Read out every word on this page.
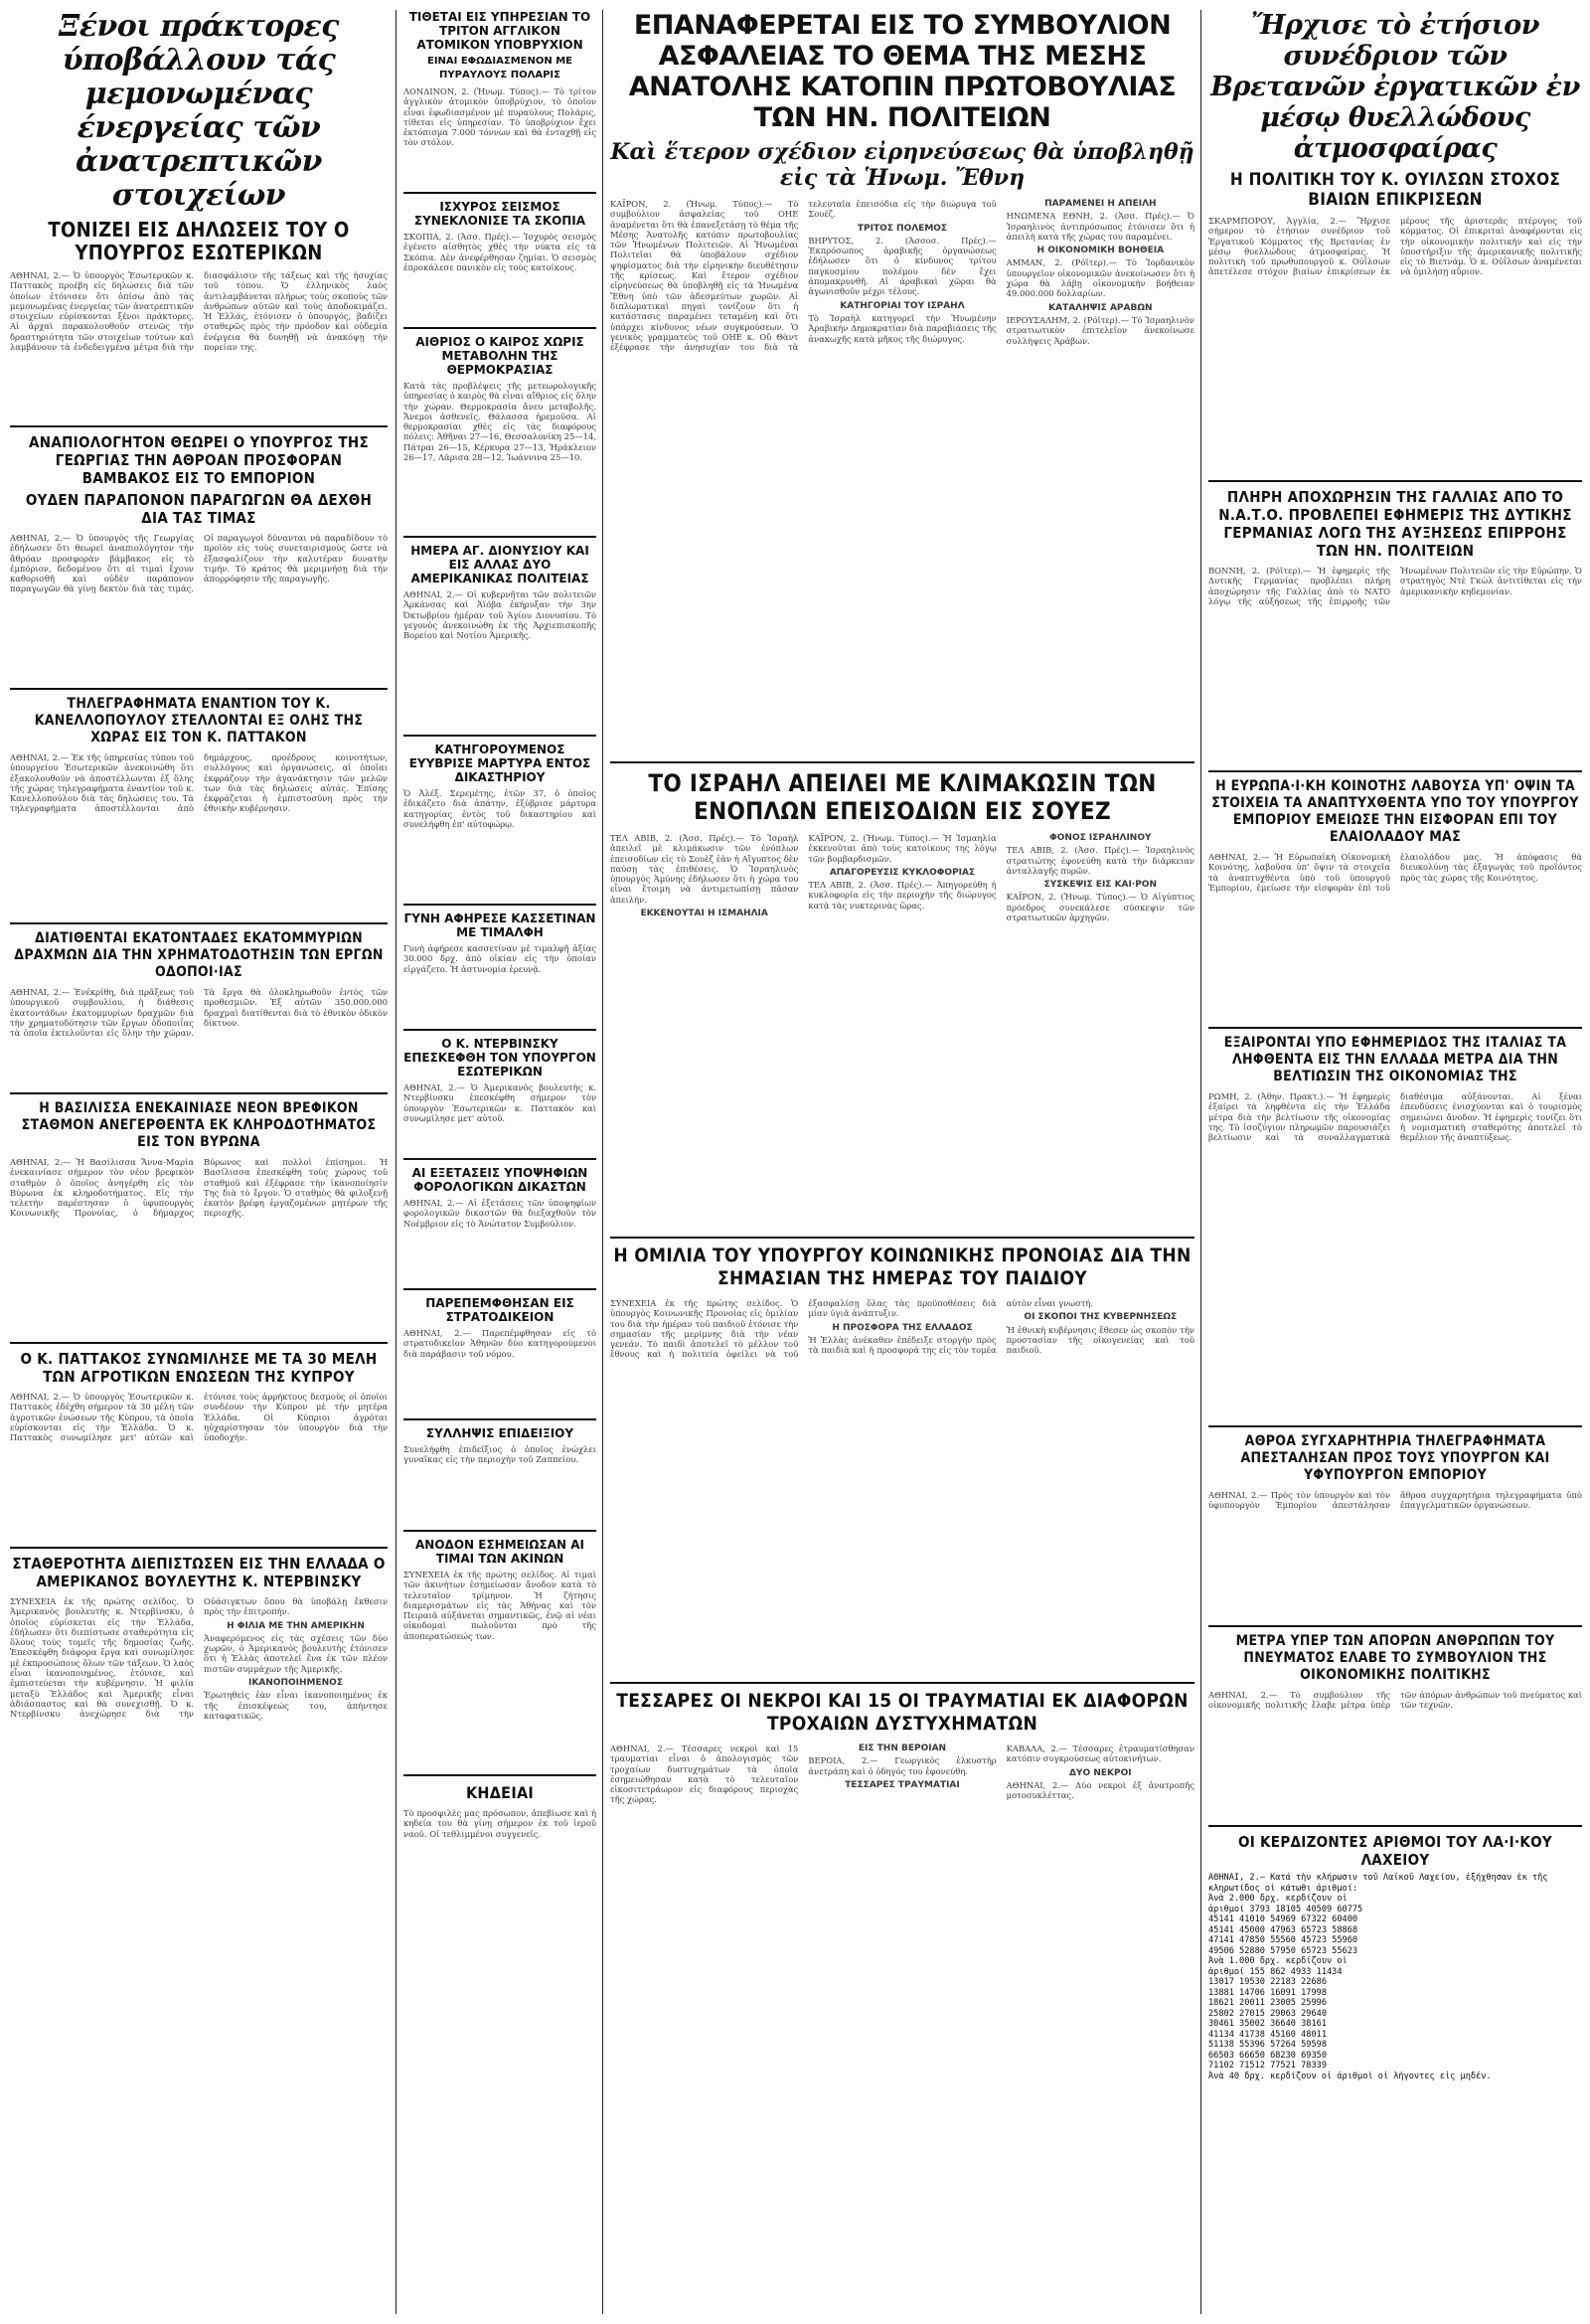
Ξένοι πράκτορες ύποβάλλουν τάς μεμονωμένας ένεργείας τῶν ἀνατρεπτικῶν στοιχείων
ΤΟΝΙΖΕΙ ΕΙΣ ΔΗΛΩΣΕΙΣ ΤΟΥ Ο ΥΠΟΥΡΓΟΣ ΕΣΩΤΕΡΙΚΩΝ
ΑΘΗΝΑΙ, 2.— Ὁ ὑπουργὸς Ἐσωτερικῶν κ. Παττακὸς προέβη εἰς δηλώσεις διὰ τῶν ὁποίων ἐτόνισεν ὅτι ὀπίσω ἀπὸ τὰς μεμονωμένας ἐνεργείας τῶν ἀνατρεπτικῶν στοιχείων εὑρίσκονται ξένοι πράκτορες. Αἱ ἀρχαὶ παρακολουθοῦν στενῶς τὴν δραστηριότητα τῶν στοιχείων τούτων καὶ λαμβάνουν τὰ ἐνδεδειγμένα μέτρα διὰ τὴν διασφάλισιν τῆς τάξεως καὶ τῆς ἡσυχίας τοῦ τόπου. Ὁ ἑλληνικὸς λαὸς ἀντιλαμβάνεται πλήρως τοὺς σκοποὺς τῶν ἀνθρώπων αὐτῶν καὶ τοὺς ἀποδοκιμάζει. Ἡ Ἑλλάς, ἐτόνισεν ὁ ὑπουργός, βαδίζει σταθερῶς πρὸς τὴν πρόοδον καὶ οὐδεμία ἐνέργεια θὰ δυνηθῇ νὰ ἀνακόψῃ τὴν πορείαν της.
ΑΝΑΠΙΟΛΟΓΗΤΟΝ ΘΕΩΡΕΙ Ο ΥΠΟΥΡΓΟΣ ΤΗΣ ΓΕΩΡΓΙΑΣ ΤΗΝ ΑΘΡΟΑΝ ΠΡΟΣΦΟΡΑΝ ΒΑΜΒΑΚΟΣ ΕΙΣ ΤΟ ΕΜΠΟΡΙΟΝ
ΟΥΔΕΝ ΠΑΡΑΠΟΝΟΝ ΠΑΡΑΓΩΓΩΝ ΘΑ ΔΕΧΘΗ ΔΙΑ ΤΑΣ ΤΙΜΑΣ
ΑΘΗΝΑΙ, 2.— Ὁ ὑπουργὸς τῆς Γεωργίας ἐδήλωσεν ὅτι θεωρεῖ ἀναπιολόγητον τὴν ἄθρόαν προσφορὰν βάμβακος εἰς τὸ ἐμπόριον, δεδομένου ὅτι αἱ τιμαὶ ἔχουν καθορισθῆ καὶ οὐδὲν παράπονον παραγωγῶν θὰ γίνῃ δεκτὸν διὰ τὰς τιμάς. Οἱ παραγωγοὶ δύνανται νὰ παραδίδουν τὸ προϊὸν εἰς τοὺς συνεταιρισμοὺς ὥστε νὰ ἐξασφαλίζουν τὴν καλυτέραν δυνατὴν τιμήν. Τὸ κράτος θὰ μεριμνήσῃ διὰ τὴν ἀπορρόφησιν τῆς παραγωγῆς.
ΤΗΛΕΓΡΑΦΗΜΑΤΑ ΕΝΑΝΤΙΟΝ ΤΟΥ Κ. ΚΑΝΕΛΛΟΠΟΥΛΟΥ ΣΤΕΛΛΟΝΤΑΙ ΕΞ ΟΛΗΣ ΤΗΣ ΧΩΡΑΣ ΕΙΣ ΤΟΝ Κ. ΠΑΤΤΑΚΟΝ
ΑΘΗΝΑΙ, 2.— Ἐκ τῆς ὑπηρεσίας τύπου τοῦ ὑπουργείου Ἐσωτερικῶν ἀνεκοινώθη ὅτι ἐξακολουθοῦν νὰ ἀποστέλλωνται ἐξ ὅλης τῆς χώρας τηλεγραφήματα ἐναντίον τοῦ κ. Κανελλοπούλου διὰ τὰς δηλώσεις του. Τὰ τηλεγραφήματα ἀποστέλλονται ἀπὸ δημάρχους, προέδρους κοινοτήτων, συλλόγους καὶ ὀργανώσεις, αἱ ὁποῖαι ἐκφράζουν τὴν ἀγανάκτησιν τῶν μελῶν των διὰ τὰς δηλώσεις αὐτάς. Ἐπίσης ἐκφράζεται ἡ ἐμπιστοσύνη πρὸς τὴν ἐθνικὴν κυβέρνησιν.
ΔΙΑΤΙΘΕΝΤΑΙ ΕΚΑΤΟΝΤΑΔΕΣ ΕΚΑΤΟΜΜΥΡΙΩΝ ΔΡΑΧΜΩΝ ΔΙΑ ΤΗΝ ΧΡΗΜΑΤΟΔΟΤΗΣΙΝ ΤΩΝ ΕΡΓΩΝ ΟΔΟΠΟΙ·ΙΑΣ
ΑΘΗΝΑΙ, 2.— Ἐνέκρίθη, διὰ πρᾶξεως τοῦ ὑπουργικοῦ συμβουλίου, ἡ διάθεσις ἐκατοντάδων ἑκατομμυρίων δραχμῶν διὰ τὴν χρηματοδότησιν τῶν ἔργων ὁδοποιΐας τὰ ὁποῖα ἐκτελοῦνται εἰς ὅλην τὴν χώραν. Τὰ ἔργα θὰ ὁλοκληρωθοῦν ἐντὸς τῶν προθεσμιῶν. Ἐξ αὐτῶν 350.000.000 δραχμαὶ διατίθενται διὰ τὸ ἐθνικὸν ὁδικὸν δίκτυον.
Η ΒΑΣΙΛΙΣΣΑ ΕΝΕΚΑΙΝΙΑΣΕ ΝΕΟΝ ΒΡΕΦΙΚΟΝ ΣΤΑΘΜΟΝ ΑΝΕΓΕΡΘΕΝΤΑ ΕΚ ΚΛΗΡΟΔΟΤΗΜΑΤΟΣ ΕΙΣ ΤΟΝ ΒΥΡΩΝΑ
ΑΘΗΝΑΙ, 2.— Ἡ Βασίλισσα Ἄννα-Μαρία ἐνεκαινίασε σήμερον τὸν νέον βρεφικὸν σταθμὸν ὁ ὁποῖος ἀνηγέρθη εἰς τὸν Βύρωνα ἐκ κληροδοτήματος. Εἰς τὴν τελετὴν παρέστησαν ὁ ὑφυπουργὸς Κοινωνικῆς Προνοίας, ὁ δήμαρχος Βύρωνος καὶ πολλοὶ ἐπίσημοι. Ἡ Βασίλισσα ἐπεσκέφθη τοὺς χώρους τοῦ σταθμοῦ καὶ ἐξέφρασε τὴν ἱκανοποίησίν Της διὰ τὸ ἔργον. Ὁ σταθμὸς θὰ φιλοξενῇ ἑκατὸν βρέφη ἐργαζομένων μητέρων τῆς περιοχῆς.
Ο Κ. ΠΑΤΤΑΚΟΣ ΣΥΝΩΜΙΛΗΣΕ ΜΕ ΤΑ 30 ΜΕΛΗ ΤΩΝ ΑΓΡΟΤΙΚΩΝ ΕΝΩΣΕΩΝ ΤΗΣ ΚΥΠΡΟΥ
ΑΘΗΝΑΙ, 2.— Ὁ ὑπουργὸς Ἐσωτερικῶν κ. Παττακὸς ἐδέχθη σήμερον τὰ 30 μέλη τῶν ἀγροτικῶν ἑνώσεων τῆς Κύπρου, τὰ ὁποῖα εὑρίσκονται εἰς τὴν Ἑλλάδα. Ὁ κ. Παττακὸς συνωμίλησε μετ' αὐτῶν καὶ ἐτόνισε τοὺς ἀρρήκτους δεσμοὺς οἱ ὁποῖοι συνδέουν τὴν Κύπρον μὲ τὴν μητέρα Ἑλλάδα. Οἱ Κύπριοι ἀγρόται ηὐχαρίστησαν τὸν ὑπουργὸν διὰ τὴν ὑποδοχήν.
ΣΤΑΘΕΡΟΤΗΤΑ ΔΙΕΠΙΣΤΩΣΕΝ ΕΙΣ ΤΗΝ ΕΛΛΑΔΑ Ο ΑΜΕΡΙΚΑΝΟΣ ΒΟΥΛΕΥΤΗΣ Κ. ΝΤΕΡΒΙΝΣΚΥ
ΣΥΝΕΧΕΙΑ ἐκ τῆς πρώτης σελίδος. Ὁ Ἀμερικανὸς βουλευτὴς κ. Ντερβίνσκυ, ὁ ὁποῖος εὑρίσκεται εἰς τὴν Ἑλλάδα, ἐδήλωσεν ὅτι διεπίστωσε σταθερότητα εἰς ὅλους τοὺς τομεῖς τῆς δημοσίας ζωῆς. Ἐπεσκέφθη διάφορα ἔργα καὶ συνωμίλησε μὲ ἐκπροσώπους ὅλων τῶν τάξεων. Ὁ λαὸς εἶναι ἱκανοποιημένος, ἐτόνισε, καὶ ἐμπιστεύεται τὴν κυβέρνησιν. Ἡ φιλία μεταξὺ Ἑλλάδος καὶ Ἀμερικῆς εἶναι ἀδιάσπαστος καὶ θὰ συνεχισθῇ. Ὁ κ. Ντερβίνσκυ ἀνεχώρησε διὰ τὴν Οὐάσιγκτων ὅπου θὰ ὑποβάλῃ ἔκθεσιν πρὸς τὴν ἐπιτροπήν.
Η ΦΙΛΙΑ ΜΕ ΤΗΝ ΑΜΕΡΙΚΗΝ
Ἀναφερόμενος εἰς τὰς σχέσεις τῶν δύο χωρῶν, ὁ Ἀμερικανὸς βουλευτὴς ἐτόνισεν ὅτι ἡ Ἑλλὰς ἀποτελεῖ ἕνα ἐκ τῶν πλέον πιστῶν συμμάχων τῆς Ἀμερικῆς.
ΙΚΑΝΟΠΟΙΗΜΕΝΟΣ
Ἐρωτηθεὶς ἐὰν εἶναι ἱκανοποιημένος ἐκ τῆς ἐπισκέψεώς του, ἀπήντησε καταφατικῶς.
ΤΙΘΕΤΑΙ ΕΙΣ ΥΠΗΡΕΣΙΑΝ ΤΟ ΤΡΙΤΟΝ ΑΓΓΛΙΚΟΝ ΑΤΟΜΙΚΟΝ ΥΠΟΒΡΥΧΙΟΝ
ΕΙΝΑΙ ΕΦΩΔΙΑΣΜΕΝΟΝ ΜΕ ΠΥΡΑΥΛΟΥΣ ΠΟΛΑΡΙΣ
ΛΟΝΔΙΝΟΝ, 2. (Ἠνωμ. Τύπος).— Τὸ τρίτον ἀγγλικὸν ἀτομικὸν ὑποβρύχιον, τὸ ὁποῖον εἶναι ἐφωδιασμένον μὲ πυραύλους Πολάρις, τίθεται εἰς ὑπηρεσίαν. Τὸ ὑποβρύχιον ἔχει ἐκτόπισμα 7.000 τόννων καὶ θὰ ἐνταχθῇ εἰς τὸν στόλον.
ΙΣΧΥΡΟΣ ΣΕΙΣΜΟΣ ΣΥΝΕΚΛΟΝΙΣΕ ΤΑ ΣΚΟΠΙΑ
ΣΚΟΠΙΑ, 2. (Ἀσσ. Πρές).— Ἰσχυρὸς σεισμὸς ἐγένετο αἰσθητὸς χθὲς τὴν νύκτα εἰς τὰ Σκόπια. Δὲν ἀνεφέρθησαν ζημίαι. Ὁ σεισμὸς ἐπροκάλεσε πανικὸν εἰς τοὺς κατοίκους.
ΑΙΘΡΙΟΣ Ο ΚΑΙΡΟΣ ΧΩΡΙΣ ΜΕΤΑΒΟΛΗΝ ΤΗΣ ΘΕΡΜΟΚΡΑΣΙΑΣ
Κατὰ τὰς προβλέψεις τῆς μετεωρολογικῆς ὑπηρεσίας ὁ καιρὸς θὰ εἶναι αἴθριος εἰς ὅλην τὴν χώραν. Θερμοκρασία ἄνευ μεταβολῆς. Ἄνεμοι ἀσθενεῖς. Θάλασσα ἠρεμοῦσα. Αἱ θερμοκρασίαι χθὲς εἰς τὰς διαφόρους πόλεις: Ἀθῆναι 27—16, Θεσσαλονίκη 25—14, Πάτραι 26—15, Κέρκυρα 27—13, Ἡράκλειον 26—17, Λάρισα 28—12, Ἰωάννινα 25—10.
ΗΜΕΡΑ ΑΓ. ΔΙΟΝΥΣΙΟΥ ΚΑΙ ΕΙΣ ΑΛΛΑΣ ΔΥΟ ΑΜΕΡΙΚΑΝΙΚΑΣ ΠΟΛΙΤΕΙΑΣ
ΑΘΗΝΑΙ, 2.— Οἱ κυβερνῆται τῶν πολιτειῶν Ἀρκάνσας καὶ Ἀϊόβα ἐκήρυξαν τὴν 3ην Ὀκτωβρίου ἡμέραν τοῦ Ἁγίου Διονυσίου. Τὸ γεγονὸς ἀνεκοινώθη ἐκ τῆς Ἀρχιεπισκοπῆς Βορείου καὶ Νοτίου Ἀμερικῆς.
ΚΑΤΗΓΟΡΟΥΜΕΝΟΣ ΕΥΥΒΡΙΣΕ ΜΑΡΤΥΡΑ ΕΝΤΟΣ ΔΙΚΑΣΤΗΡΙΟΥ
Ὁ Ἀλέξ. Σερεμέτης, ἐτῶν 37, ὁ ὁποῖος ἐδικάζετο διὰ ἀπάτην, ἐξύβρισε μάρτυρα κατηγορίας ἐντὸς τοῦ δικαστηρίου καὶ συνελήφθη ἐπ' αὐτοφώρῳ.
ΓΥΝΗ ΑΦΗΡΕΣΕ ΚΑΣΣΕΤΙΝΑΝ ΜΕ ΤΙΜΑΛΦΗ
Γυνὴ ἀφήρεσε κασσετίναν μὲ τιμαλφῆ ἀξίας 30.000 δρχ. ἀπὸ οἰκίαν εἰς τὴν ὁποίαν εἰργάζετο. Ἡ ἀστυνομία ἐρευνᾷ.
Ο Κ. ΝΤΕΡΒΙΝΣΚΥ ΕΠΕΣΚΕΦΘΗ ΤΟΝ ΥΠΟΥΡΓΟΝ ΕΣΩΤΕΡΙΚΩΝ
ΑΘΗΝΑΙ, 2.— Ὁ Ἀμερικανὸς βουλευτὴς κ. Ντερβίνσκυ ἐπεσκέφθη σήμερον τὸν ὑπουργὸν Ἐσωτερικῶν κ. Παττακὸν καὶ συνωμίλησε μετ' αὐτοῦ.
ΑΙ ΕΞΕΤΑΣΕΙΣ ΥΠΟΨΗΦΙΩΝ ΦΟΡΟΛΟΓΙΚΩΝ ΔΙΚΑΣΤΩΝ
ΑΘΗΝΑΙ, 2.— Αἱ ἐξετάσεις τῶν ὑποψηφίων φορολογικῶν δικαστῶν θὰ διεξαχθοῦν τὸν Νοέμβριον εἰς τὸ Ἀνώτατον Συμβούλιον.
ΠΑΡΕΠΕΜΦΘΗΣΑΝ ΕΙΣ ΣΤΡΑΤΟΔΙΚΕΙΟΝ
ΑΘΗΝΑΙ, 2.— Παρεπέμφθησαν εἰς τὸ στρατοδικεῖον Ἀθηνῶν δύο κατηγορούμενοι διὰ παράβασιν τοῦ νόμου.
ΣΥΛΛΗΨΙΣ ΕΠΙΔΕΙΞΙΟΥ
Συνελήφθη ἐπιδεῖξιος ὁ ὁποῖος ἐνώχλει γυναῖκας εἰς τὴν περιοχὴν τοῦ Ζαππείου.
ΑΝΟΔΟΝ ΕΣΗΜΕΙΩΣΑΝ ΑΙ ΤΙΜΑΙ ΤΩΝ ΑΚΙΝΩΝ
ΣΥΝΕΧΕΙΑ ἐκ τῆς πρώτης σελίδος. Αἱ τιμαὶ τῶν ἀκινήτων ἐσημείωσαν ἄνοδον κατὰ τὸ τελευταῖον τρίμηνον. Ἡ ζήτησις διαμερισμάτων εἰς τὰς Ἀθήνας καὶ τὸν Πειραιᾶ αὐξάνεται σημαντικῶς, ἐνῷ αἱ νέαι οἰκοδομαὶ πωλοῦνται πρὸ τῆς ἀποπερατώσεώς των.
ΚΗΔΕΙΑΙ
Τὸ προσφιλὲς μας πρόσωπον, ἀπεβίωσε καὶ ἡ κηδεία του θὰ γίνῃ σήμερον ἐκ τοῦ ἱεροῦ ναοῦ. Οἱ τεθλιμμένοι συγγενεῖς.
ΕΠΑΝΑΦΕΡΕΤΑΙ ΕΙΣ ΤΟ ΣΥΜΒΟΥΛΙΟΝ ΑΣΦΑΛΕΙΑΣ ΤΟ ΘΕΜΑ ΤΗΣ ΜΕΣΗΣ ΑΝΑΤΟΛΗΣ ΚΑΤΟΠΙΝ ΠΡΩΤΟΒΟΥΛΙΑΣ ΤΩΝ ΗΝ. ΠΟΛΙΤΕΙΩΝ
Καὶ ἕτερον σχέδιον εἰρηνεύσεως θὰ ὑποβληθῇ εἰς τὰ Ἡνωμ. Ἔθνη
ΚΑΪΡΟΝ, 2. (Ἠνωμ. Τύπος).— Τὸ συμβούλιον ἀσφαλείας τοῦ ΟΗΕ ἀναμένεται ὅτι θὰ ἐπανεξετάσῃ τὸ θέμα τῆς Μέσης Ἀνατολῆς κατόπιν πρωτοβουλίας τῶν Ἡνωμένων Πολιτειῶν. Αἱ Ἡνωμέναι Πολιτεῖαι θὰ ὑποβάλουν σχέδιον ψηφίσματος διὰ τὴν εἰρηνικὴν διευθέτησιν τῆς κρίσεως. Καὶ ἕτερον σχέδιον εἰρηνεύσεως θὰ ὑποβληθῇ εἰς τὰ Ἡνωμένα Ἔθνη ὑπὸ τῶν ἀδεσμεύτων χωρῶν. Αἱ διπλωματικαὶ πηγαὶ τονίζουν ὅτι ἡ κατάστασις παραμένει τεταμένη καὶ ὅτι ὑπάρχει κίνδυνος νέων συγκρούσεων. Ὁ γενικὸς γραμματεὺς τοῦ ΟΗΕ κ. Οὔ Θὰντ ἐξέφρασε τὴν ἀνησυχίαν του διὰ τὰ τελευταῖα ἐπεισόδια εἰς τὴν διώρυγα τοῦ Σουέζ.
ΤΡΙΤΟΣ ΠΟΛΕΜΟΣ
ΒΗΡΥΤΟΣ, 2. (Ἀσσοσ. Πρές).— Ἐκπρόσωπος ἀραβικῆς ὀργανώσεως ἐδήλωσεν ὅτι ὁ κίνδυνος τρίτου παγκοσμίου πολέμου δὲν ἔχει ἀπομακρυνθῆ. Αἱ ἀραβικαὶ χῶραι θὰ ἀγωνισθοῦν μέχρι τέλους.
ΚΑΤΗΓΟΡΙΑΙ ΤΟΥ ΙΣΡΑΗΛ
Τὸ Ἰσραὴλ κατηγορεῖ τὴν Ἡνωμένην Ἀραβικὴν Δημοκρατίαν διὰ παραβιάσεις τῆς ἀνακωχῆς κατὰ μῆκος τῆς διώρυγος.
ΠΑΡΑΜΕΝΕΙ Η ΑΠΕΙΛΗ
ΗΝΩΜΕΝΑ ΕΘΝΗ, 2. (Ἀσσ. Πρές).— Ὁ Ἰσραηλινὸς ἀντιπρόσωπος ἐτόνισεν ὅτι ἡ ἀπειλὴ κατὰ τῆς χώρας του παραμένει.
Η ΟΙΚΟΝΟΜΙΚΗ ΒΟΗΘΕΙΑ
ΑΜΜΑΝ, 2. (Ρόϊτερ).— Τὸ Ἰορδανικὸν ὑπουργεῖον οἰκονομικῶν ἀνεκοίνωσεν ὅτι ἡ χώρα θὰ λάβῃ οἰκονομικὴν βοήθειαν 49.000.000 δολλαρίων.
ΚΑΤΑΛΗΨΙΣ ΑΡΑΒΩΝ
ΙΕΡΟΥΣΑΛΗΜ, 2. (Ρόϊτερ).— Τὸ Ἰσραηλινὸν στρατιωτικὸν ἐπιτελεῖον ἀνεκοίνωσε συλλήψεις Ἀράβων.
ΤΟ ΙΣΡΑΗΛ ΑΠΕΙΛΕΙ ΜΕ ΚΛΙΜΑΚΩΣΙΝ ΤΩΝ ΕΝΟΠΛΩΝ ΕΠΕΙΣΟΔΙΩΝ ΕΙΣ ΣΟΥΕΖ
ΤΕΛ ΑΒΙΒ, 2. (Ἀσσ. Πρές).— Τὸ Ἰσραὴλ ἀπειλεῖ μὲ κλιμάκωσιν τῶν ἐνόπλων ἐπεισοδίων εἰς τὸ Σουὲζ ἐὰν ἡ Αἴγυπτος δὲν παύσῃ τὰς ἐπιθέσεις. Ὁ Ἰσραηλινὸς ὑπουργὸς Ἀμύνης ἐδήλωσεν ὅτι ἡ χώρα του εἶναι ἕτοιμη νὰ ἀντιμετωπίσῃ πᾶσαν ἀπειλήν.
ΕΚΚΕΝΟΥΤΑΙ Η ΙΣΜΑΗΛΙΑ
ΚΑΪΡΟΝ, 2. (Ἠνωμ. Τύπος).— Ἡ Ἰσμαηλία ἐκκενοῦται ἀπὸ τοὺς κατοίκους της λόγῳ τῶν βομβαρδισμῶν.
ΑΠΑΓΟΡΕΥΣΙΣ ΚΥΚΛΟΦΟΡΙΑΣ
ΤΕΛ ΑΒΙΒ, 2. (Ἀσσ. Πρές).— Ἀπηγορεύθη ἡ κυκλοφορία εἰς τὴν περιοχὴν τῆς διώρυγος κατὰ τὰς νυκτερινὰς ὥρας.
ΦΟΝΟΣ ΙΣΡΑΗΛΙΝΟΥ
ΤΕΛ ΑΒΙΒ, 2. (Ἀσσ. Πρές).— Ἰσραηλινὸς στρατιώτης ἐφονεύθη κατὰ τὴν διάρκειαν ἀνταλλαγῆς πυρῶν.
ΣΥΣΚΕΨΙΣ ΕΙΣ ΚΑΙ·ΡΟΝ
ΚΑΪΡΟΝ, 2. (Ἠνωμ. Τύπος).— Ὁ Αἰγύπτιος πρόεδρος συνεκάλεσε σύσκεψιν τῶν στρατιωτικῶν ἀρχηγῶν.
Η ΟΜΙΛΙΑ ΤΟΥ ΥΠΟΥΡΓΟΥ ΚΟΙΝΩΝΙΚΗΣ ΠΡΟΝΟΙΑΣ ΔΙΑ ΤΗΝ ΣΗΜΑΣΙΑΝ ΤΗΣ ΗΜΕΡΑΣ ΤΟΥ ΠΑΙΔΙΟΥ
ΣΥΝΕΧΕΙΑ ἐκ τῆς πρώτης σελίδος. Ὁ ὑπουργὸς Κοινωνικῆς Προνοίας εἰς ὁμιλίαν του διὰ τὴν ἡμέραν τοῦ παιδιοῦ ἐτόνισε τὴν σημασίαν τῆς μερίμνης διὰ τὴν νέαν γενεάν. Τὸ παιδὶ ἀποτελεῖ τὸ μέλλον τοῦ ἔθνους καὶ ἡ πολιτεία ὀφείλει νὰ τοῦ ἐξασφαλίσῃ ὅλας τὰς προϋποθέσεις διὰ μίαν ὑγιᾶ ἀνάπτυξιν.
Η ΠΡΟΣΦΟΡΑ ΤΗΣ ΕΛΛΑΔΟΣ
Ἡ Ἑλλὰς ἀνέκαθεν ἐπέδειξε στοργὴν πρὸς τὰ παιδιὰ καὶ ἡ προσφορά της εἰς τὸν τομέα αὐτὸν εἶναι γνωστή.
ΟΙ ΣΚΟΠΟΙ ΤΗΣ ΚΥΒΕΡΝΗΣΕΩΣ
Ἡ ἐθνικὴ κυβέρνησις ἔθεσεν ὡς σκοπὸν τὴν προστασίαν τῆς οἰκογενείας καὶ τοῦ παιδιοῦ.
ΤΕΣΣΑΡΕΣ ΟΙ ΝΕΚΡΟΙ ΚΑΙ 15 ΟΙ ΤΡΑΥΜΑΤΙΑΙ ΕΚ ΔΙΑΦΟΡΩΝ ΤΡΟΧΑΙΩΝ ΔΥΣΤΥΧΗΜΑΤΩΝ
ΑΘΗΝΑΙ, 2.— Τέσσαρες νεκροὶ καὶ 15 τραυματίαι εἶναι ὁ ἀπολογισμὸς τῶν τροχαίων δυστυχημάτων τὰ ὁποῖα ἐσημειώθησαν κατὰ τὸ τελευταῖον εἰκοσιτετράωρον εἰς διαφόρους περιοχὰς τῆς χώρας.
ΕΙΣ ΤΗΝ ΒΕΡΟΙΑΝ
ΒΕΡΟΙΑ, 2.— Γεωργικὸς ἐλκυστὴρ ἀνετράπη καὶ ὁ ὁδηγός του ἐφονεύθη.
ΤΕΣΣΑΡΕΣ ΤΡΑΥΜΑΤΙΑΙ
ΚΑΒΑΛΑ, 2.— Τέσσαρες ἐτραυματίσθησαν κατόπιν συγκρούσεως αὐτοκινήτων.
ΔΥΟ ΝΕΚΡΟΙ
ΑΘΗΝΑΙ, 2.— Δύο νεκροὶ ἐξ ἀνατροπῆς μοτοσυκλέττας.
Ἤρχισε τὸ ἐτήσιον συνέδριον τῶν Βρετανῶν ἐργατικῶν ἐν μέσῳ θυελλώδους ἀτμοσφαίρας
Η ΠΟΛΙΤΙΚΗ ΤΟΥ Κ. ΟΥΙΛΣΩΝ ΣΤΟΧΟΣ ΒΙΑΙΩΝ ΕΠΙΚΡΙΣΕΩΝ
ΣΚΑΡΜΠΟΡΟΥ, Ἀγγλία, 2.— Ἤρχισε σήμερον τὸ ἐτήσιον συνέδριον τοῦ Ἐργατικοῦ Κόμματος τῆς Βρετανίας ἐν μέσῳ θυελλώδους ἀτμοσφαίρας. Ἡ πολιτικὴ τοῦ πρωθυπουργοῦ κ. Οὐΐλσων ἀπετέλεσε στόχον βιαίων ἐπικρίσεων ἐκ μέρους τῆς ἀριστερᾶς πτέρυγος τοῦ κόμματος. Οἱ ἐπικριταὶ ἀναφέρονται εἰς τὴν οἰκονομικὴν πολιτικὴν καὶ εἰς τὴν ὑποστήριξιν τῆς ἀμερικανικῆς πολιτικῆς εἰς τὸ Βιετνάμ. Ὁ κ. Οὐΐλσων ἀναμένεται νὰ ὁμιλήσῃ αὔριον.
ΠΛΗΡΗ ΑΠΟΧΩΡΗΣΙΝ ΤΗΣ ΓΑΛΛΙΑΣ ΑΠΟ ΤΟ Ν.Α.Τ.Ο. ΠΡΟΒΛΕΠΕΙ ΕΦΗΜΕΡΙΣ ΤΗΣ ΔΥΤΙΚΗΣ ΓΕΡΜΑΝΙΑΣ ΛΟΓΩ ΤΗΣ ΑΥΞΗΣΕΩΣ ΕΠΙΡΡΟΗΣ ΤΩΝ ΗΝ. ΠΟΛΙΤΕΙΩΝ
ΒΟΝΝΗ, 2. (Ρόϊτερ).— Ἡ ἐφημερὶς τῆς Δυτικῆς Γερμανίας προβλέπει πλήρη ἀποχώρησιν τῆς Γαλλίας ἀπὸ τὸ ΝΑΤΟ λόγῳ τῆς αὐξήσεως τῆς ἐπιρροῆς τῶν Ἡνωμένων Πολιτειῶν εἰς τὴν Εὐρώπην. Ὁ στρατηγὸς Ντὲ Γκὼλ ἀντιτίθεται εἰς τὴν ἀμερικανικὴν κηδεμονίαν.
Η ΕΥΡΩΠΑ·Ι·ΚΗ ΚΟΙΝΟΤΗΣ ΛΑΒΟΥΣΑ ΥΠ' ΟΨΙΝ ΤΑ ΣΤΟΙΧΕΙΑ ΤΑ ΑΝΑΠΤΥΧΘΕΝΤΑ ΥΠΟ ΤΟΥ ΥΠΟΥΡΓΟΥ ΕΜΠΟΡΙΟΥ ΕΜΕΙΩΣΕ ΤΗΝ ΕΙΣΦΟΡΑΝ ΕΠΙ ΤΟΥ ΕΛΑΙΟΛΑΔΟΥ ΜΑΣ
ΑΘΗΝΑΙ, 2.— Ἡ Εὐρωπαϊκὴ Οἰκονομικὴ Κοινότης, λαβοῦσα ὑπ' ὄψιν τὰ στοιχεῖα τὰ ἀναπτυχθέντα ὑπὸ τοῦ ὑπουργοῦ Ἐμπορίου, ἐμείωσε τὴν εἰσφορὰν ἐπὶ τοῦ ἐλαιολάδου μας. Ἡ ἀπόφασις θὰ διευκολύνῃ τὰς ἐξαγωγὰς τοῦ προϊόντος πρὸς τὰς χώρας τῆς Κοινότητος.
ΕΞΑΙΡΟΝΤΑΙ ΥΠΟ ΕΦΗΜΕΡΙΔΟΣ ΤΗΣ ΙΤΑΛΙΑΣ ΤΑ ΛΗΦΘΕΝΤΑ ΕΙΣ ΤΗΝ ΕΛΛΑΔΑ ΜΕΤΡΑ ΔΙΑ ΤΗΝ ΒΕΛΤΙΩΣΙΝ ΤΗΣ ΟΙΚΟΝΟΜΙΑΣ ΤΗΣ
ΡΩΜΗ, 2. (Ἀθην. Πρακτ.).— Ἡ ἐφημερὶς ἐξαίρει τὰ ληφθέντα εἰς τὴν Ἑλλάδα μέτρα διὰ τὴν βελτίωσιν τῆς οἰκονομίας της. Τὸ ἰσοζύγιον πληρωμῶν παρουσιάζει βελτίωσιν καὶ τὰ συναλλαγματικὰ διαθέσιμα αὐξάνονται. Αἱ ξέναι ἐπενδύσεις ἐνισχύονται καὶ ὁ τουρισμὸς σημειώνει ἄνοδον. Ἡ ἐφημερὶς τονίζει ὅτι ἡ νομισματικὴ σταθερότης ἀποτελεῖ τὸ θεμέλιον τῆς ἀναπτύξεως.
ΑΘΡΟΑ ΣΥΓΧΑΡΗΤΗΡΙΑ ΤΗΛΕΓΡΑΦΗΜΑΤΑ ΑΠΕΣΤΑΛΗΣΑΝ ΠΡΟΣ ΤΟΥΣ ΥΠΟΥΡΓΟΝ ΚΑΙ ΥΦΥΠΟΥΡΓΟΝ ΕΜΠΟΡΙΟΥ
ΑΘΗΝΑΙ, 2.— Πρὸς τὸν ὑπουργὸν καὶ τὸν ὑφυπουργὸν Ἐμπορίου ἀπεστάλησαν ἄθροα συγχαρητήρια τηλεγραφήματα ὑπὸ ἐπαγγελματικῶν ὀργανώσεων.
ΜΕΤΡΑ ΥΠΕΡ ΤΩΝ ΑΠΟΡΩΝ ΑΝΘΡΩΠΩΝ ΤΟΥ ΠΝΕΥΜΑΤΟΣ ΕΛΑΒΕ ΤΟ ΣΥΜΒΟΥΛΙΟΝ ΤΗΣ ΟΙΚΟΝΟΜΙΚΗΣ ΠΟΛΙΤΙΚΗΣ
ΑΘΗΝΑΙ, 2.— Τὸ συμβούλιον τῆς οἰκονομικῆς πολιτικῆς ἔλαβε μέτρα ὑπὲρ τῶν ἀπόρων ἀνθρώπων τοῦ πνεύματος καὶ τῶν τεχνῶν.
ΟΙ ΚΕΡΔΙΖΟΝΤΕΣ ΑΡΙΘΜΟΙ ΤΟΥ ΛΑ·Ι·ΚΟΥ ΛΑΧΕΙΟΥ
ΑΘΗΝΑΙ, 2.— Κατά τὴν κλήρωσιν τοῦ Λαϊκοῦ Λαχείου, ἐξήχθησαν ἐκ τῆς κληρωτίδος οἱ κάτωθι ἀριθμοί:
Ἀνὰ 2.000 δρχ. κερδίζουν οἱ
ἀριθμοί 3793 18105 40509 60775
45141 41010 54969 67322 60400
45141 45000 47963 65723 58868
47141 47850 55560 45723 55960
49506 52880 57950 65723 55623
Ἀνὰ 1.000 δρχ. κερδίζουν οἱ
ἀριθμοί 155 862 4933 11434
13017 19530 22183 22686
13881 14706 16091 17998
18621 20011 23005 25996
25802 27015 29063 29640
30461 35002 36640 38161
41134 41738 45160 48011
51138 55396 57264 59598
66503 66650 68230 69350
71102 71512 77521 78339
Ἀνὰ 40 δρχ. κερδίζουν οἱ ἀριθμοὶ οἱ λήγοντες εἰς μηδέν.
